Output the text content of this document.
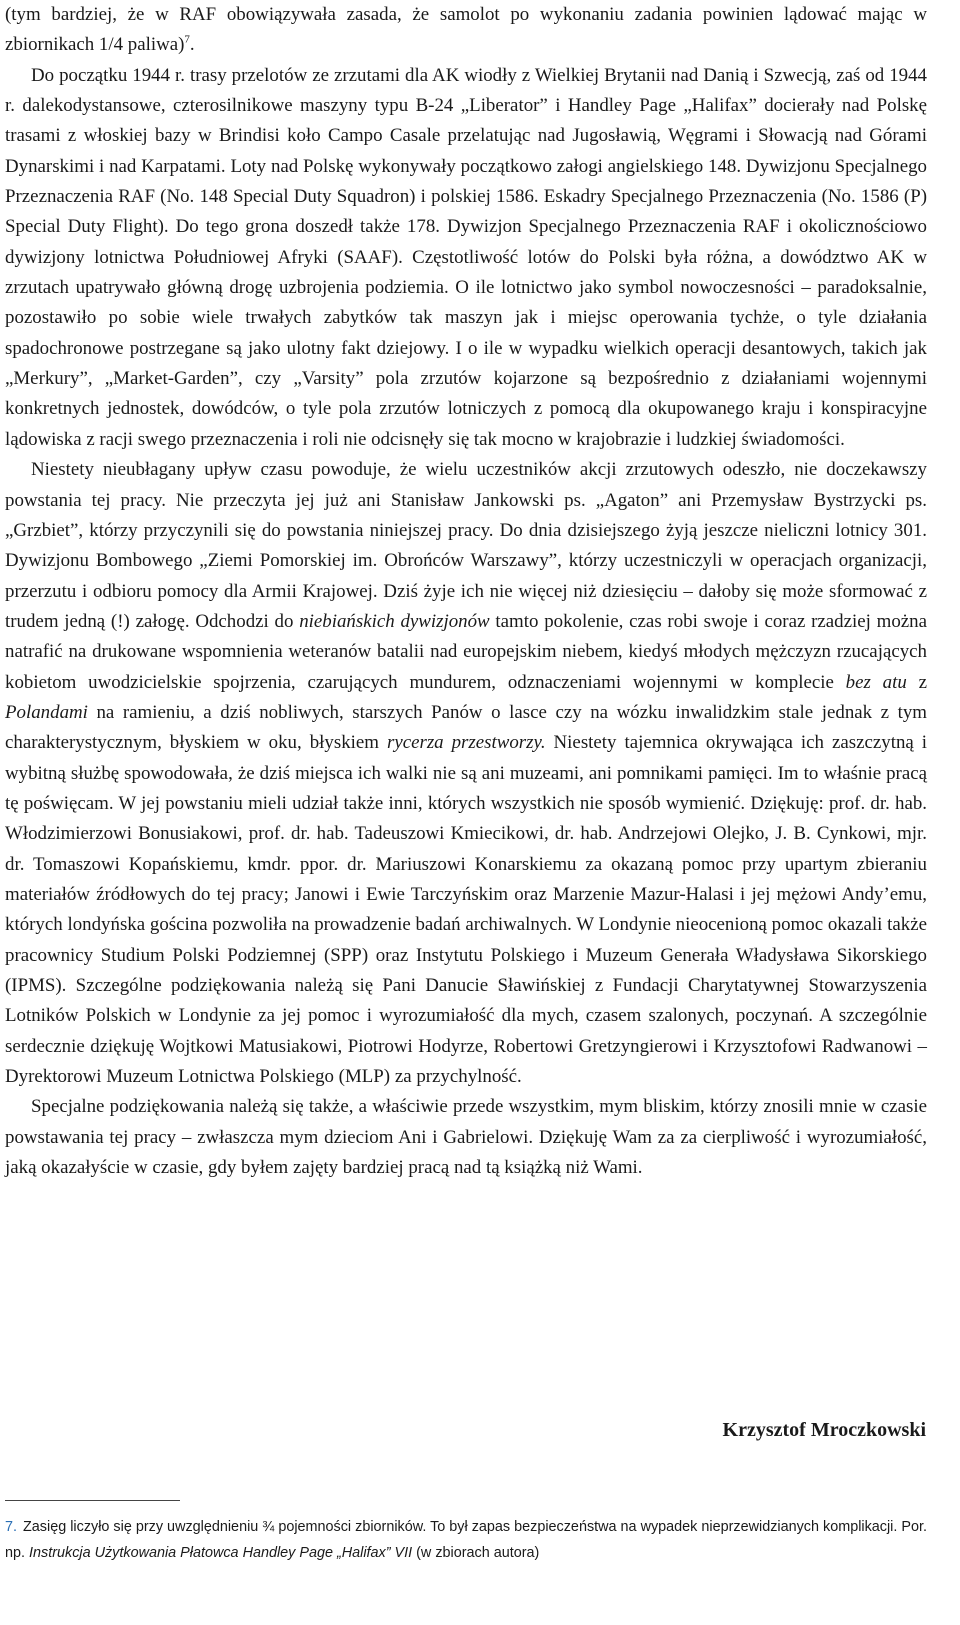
(tym bardziej, że w RAF obowiązywała zasada, że samolot po wykonaniu zadania powinien lądować mając w zbiornikach 1/4 paliwa)$^7$.

Do początku 1944 r. trasy przelotów ze zrzutami dla AK wiodły z Wielkiej Brytanii nad Danią i Szwecją, zaś od 1944 r. dalekodystansowe, czterosilnikowe maszyny typu B-24 „Liberator” i Handley Page „Halifax” docierały nad Polskę trasami z włoskiej bazy w Brindisi koło Campo Casale przelatując nad Jugosławią, Węgrami i Słowacją nad Górami Dynarskimi i nad Karpatami. Loty nad Polskę wykonywały początkowo załogi angielskiego 148. Dywizjonu Specjalnego Przeznaczenia RAF (No. 148 Special Duty Squadron) i polskiej 1586. Eskadry Specjalnego Przeznaczenia (No. 1586 (P) Special Duty Flight). Do tego grona doszedł także 178. Dywizjon Specjalnego Przeznaczenia RAF i okolicznościowo dywizjony lotnictwa Południowej Afryki (SAAF). Częstotliwość lotów do Polski była różna, a dowództwo AK w zrzutach upatrywało główną drogę uzbrojenia podziemia. O ile lotnictwo jako symbol nowoczesności – paradoksalnie, pozostawiło po sobie wiele trwałych zabytków tak maszyn jak i miejsc operowania tychże, o tyle działania spadochronowe postrzegane są jako ulotny fakt dziejowy. I o ile w wypadku wielkich operacji desantowych, takich jak „Merkury”, „Market-Garden”, czy „Varsity” pola zrzutów kojarzone są bezpośrednio z działaniami wojennymi konkretnych jednostek, dowódców, o tyle pola zrzutów lotniczych z pomocą dla okupowanego kraju i konspiracyjne lądowiska z racji swego przeznaczenia i roli nie odcisnęły się tak mocno w krajobrazie i ludzkiej świadomości.

Niestety nieubłagany upływ czasu powoduje, że wielu uczestników akcji zrzutowych odeszło, nie doczekawszy powstania tej pracy. Nie przeczyta jej już ani Stanisław Jankowski ps. „Agaton” ani Przemysław Bystrzycki ps. „Grzbiet”, którzy przyczynili się do powstania niniejszej pracy. Do dnia dzisiejszego żyją jeszcze nieliczni lotnicy 301. Dywizjonu Bombowego „Ziemi Pomorskiej im. Obrońców Warszawy”, którzy uczestniczyli w operacjach organizacji, przerzutu i odbioru pomocy dla Armii Krajowej. Dziś żyje ich nie więcej niż dziesięciu – dałoby się może sformować z trudem jedną (!) załogę. Odchodzi do niebiańskich dywizjonów tamto pokolenie, czas robi swoje i coraz rzadziej można natrafić na drukowane wspomnienia weteranów batalii nad europejskim niebem, kiedyś młodych mężczyzn rzucających kobietom uwodzicielskie spojrzenia, czarujących mundurem, odznaczeniami wojennymi w komplecie bez atu z Polandami na ramieniu, a dziś nobliwych, starszych Panów o lasce czy na wózku inwalidzkim stale jednak z tym charakterystycznym, błyskiem w oku, błyskiem rycerza przestworzy. Niestety tajemnica okrywająca ich zaszczytną i wybitną służbę spowodowała, że dziś miejsca ich walki nie są ani muzeami, ani pomnikami pamięci. Im to właśnie pracą tę poświęcam. W jej powstaniu mieli udział także inni, których wszystkich nie sposób wymienić. Dziękuję: prof. dr. hab. Włodzimierzowi Bonusiakowi, prof. dr. hab. Tadeuszowi Kmiecikowi, dr. hab. Andrzejowi Olejko, J. B. Cynkowi, mjr. dr. Tomaszowi Kopańskiemu, kmdr. ppor. dr. Mariuszowi Konarskiemu za okazaną pomoc przy upartym zbieraniu materiałów źródłowych do tej pracy; Janowi i Ewie Tarczyńskim oraz Marzenie Mazur-Halasi i jej mężowi Andy’emu, których londyńska gościna pozwoliła na prowadzenie badań archiwalnych. W Londynie nieocenioną pomoc okazali także pracownicy Studium Polski Podziemnej (SPP) oraz Instytutu Polskiego i Muzeum Generała Władysława Sikorskiego (IPMS). Szczególne podziękowania należą się Pani Danucie Sławińskiej z Fundacji Charytatywnej Stowarzyszenia Lotników Polskich w Londynie za jej pomoc i wyrozumiałość dla mych, czasem szalonych, poczynań. A szczególnie serdecznie dziękuję Wojtkowi Matusiakowi, Piotrowi Hodyrze, Robertowi Gretzyngierowi i Krzysztofowi Radwanowi – Dyrektorowi Muzeum Lotnictwa Polskiego (MLP) za przychylność.

Specjalne podziękowania należą się także, a właściwie przede wszystkim, mym bliskim, którzy znosili mnie w czasie powstawania tej pracy – zwłaszcza mym dzieciom Ani i Gabrielowi. Dziękuję Wam za za cierpliwość i wyrozumiałość, jaką okazałyście w czasie, gdy byłem zajęty bardziej pracą nad tą książką niż Wami.

Krzysztof Mroczkowski
7. Zasięg liczyło się przy uwzględnieniu ¾ pojemności zbiorników. To był zapas bezpieczeństwa na wypadek nieprzewidzianych komplikacji. Por. np. Instrukcja Użytkowania Płatowca Handley Page „Halifax” VII (w zbiorach autora)
